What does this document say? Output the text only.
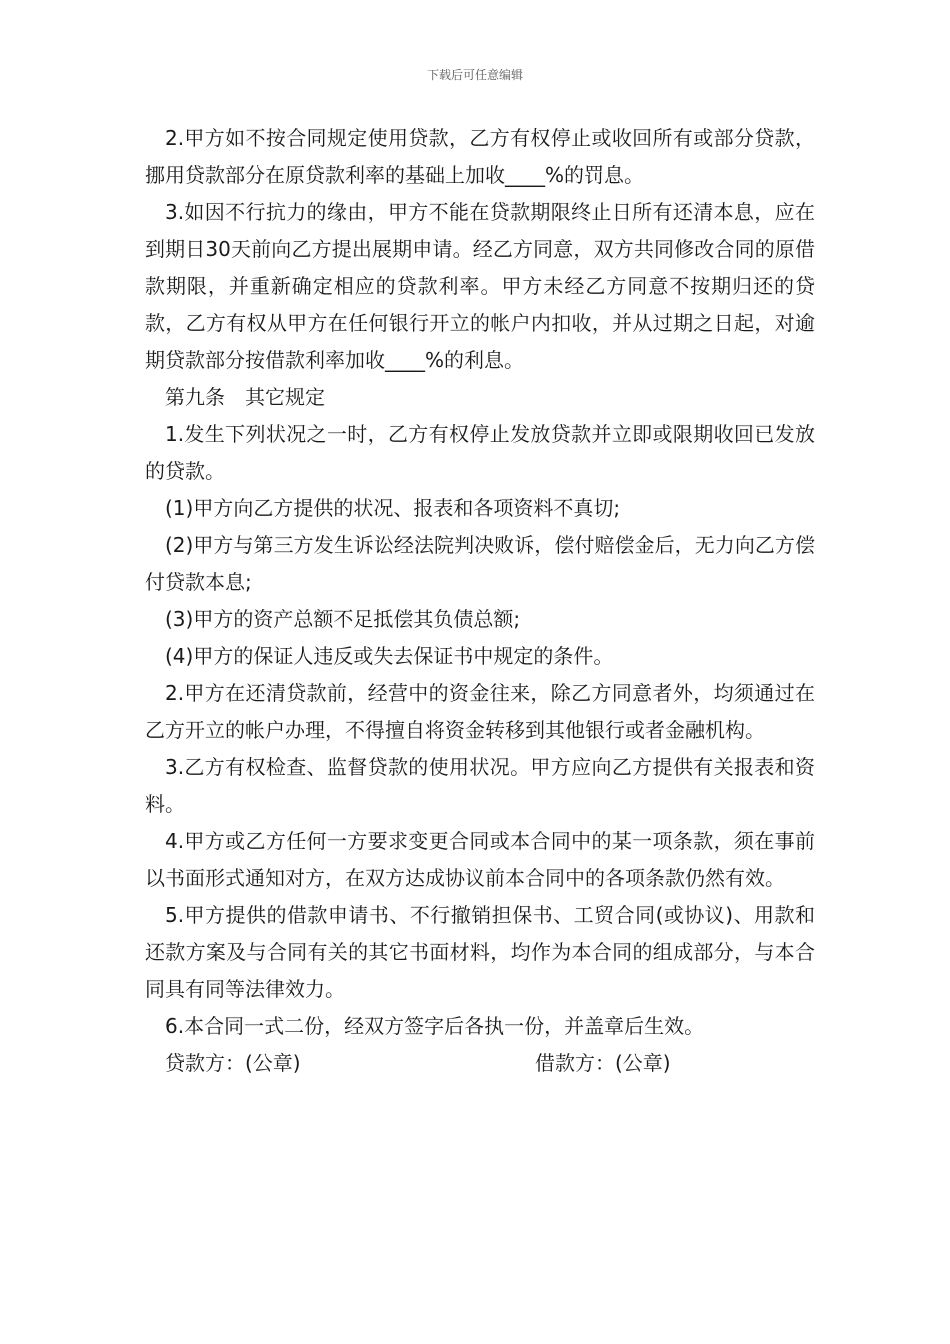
下载后可任意编辑

2.甲方如不按合同规定使用贷款，乙方有权停止或收回所有或部分贷款，挪用贷款部分在原贷款利率的基础上加收____%的罚息。

3.如因不行抗力的缘由，甲方不能在贷款期限终止日所有还清本息，应在到期日30天前向乙方提出展期申请。经乙方同意，双方共同修改合同的原借款期限，并重新确定相应的贷款利率。甲方未经乙方同意不按期归还的贷款，乙方有权从甲方在任何银行开立的帐户内扣收，并从过期之日起，对逾期贷款部分按借款利率加收____%的利息。

第九条　其它规定

1.发生下列状况之一时，乙方有权停止发放贷款并立即或限期收回已发放的贷款。

(1)甲方向乙方提供的状况、报表和各项资料不真切;

(2)甲方与第三方发生诉讼经法院判决败诉，偿付赔偿金后，无力向乙方偿付贷款本息;

(3)甲方的资产总额不足抵偿其负债总额;

(4)甲方的保证人违反或失去保证书中规定的条件。

2.甲方在还清贷款前，经营中的资金往来，除乙方同意者外，均须通过在乙方开立的帐户办理，不得擅自将资金转移到其他银行或者金融机构。

3.乙方有权检查、监督贷款的使用状况。甲方应向乙方提供有关报表和资料。

4.甲方或乙方任何一方要求变更合同或本合同中的某一项条款，须在事前以书面形式通知对方，在双方达成协议前本合同中的各项条款仍然有效。

5.甲方提供的借款申请书、不行撤销担保书、工贸合同(或协议)、用款和还款方案及与合同有关的其它书面材料，均作为本合同的组成部分，与本合同具有同等法律效力。

6.本合同一式二份，经双方签字后各执一份，并盖章后生效。

贷款方：(公章)	借款方：(公章)
